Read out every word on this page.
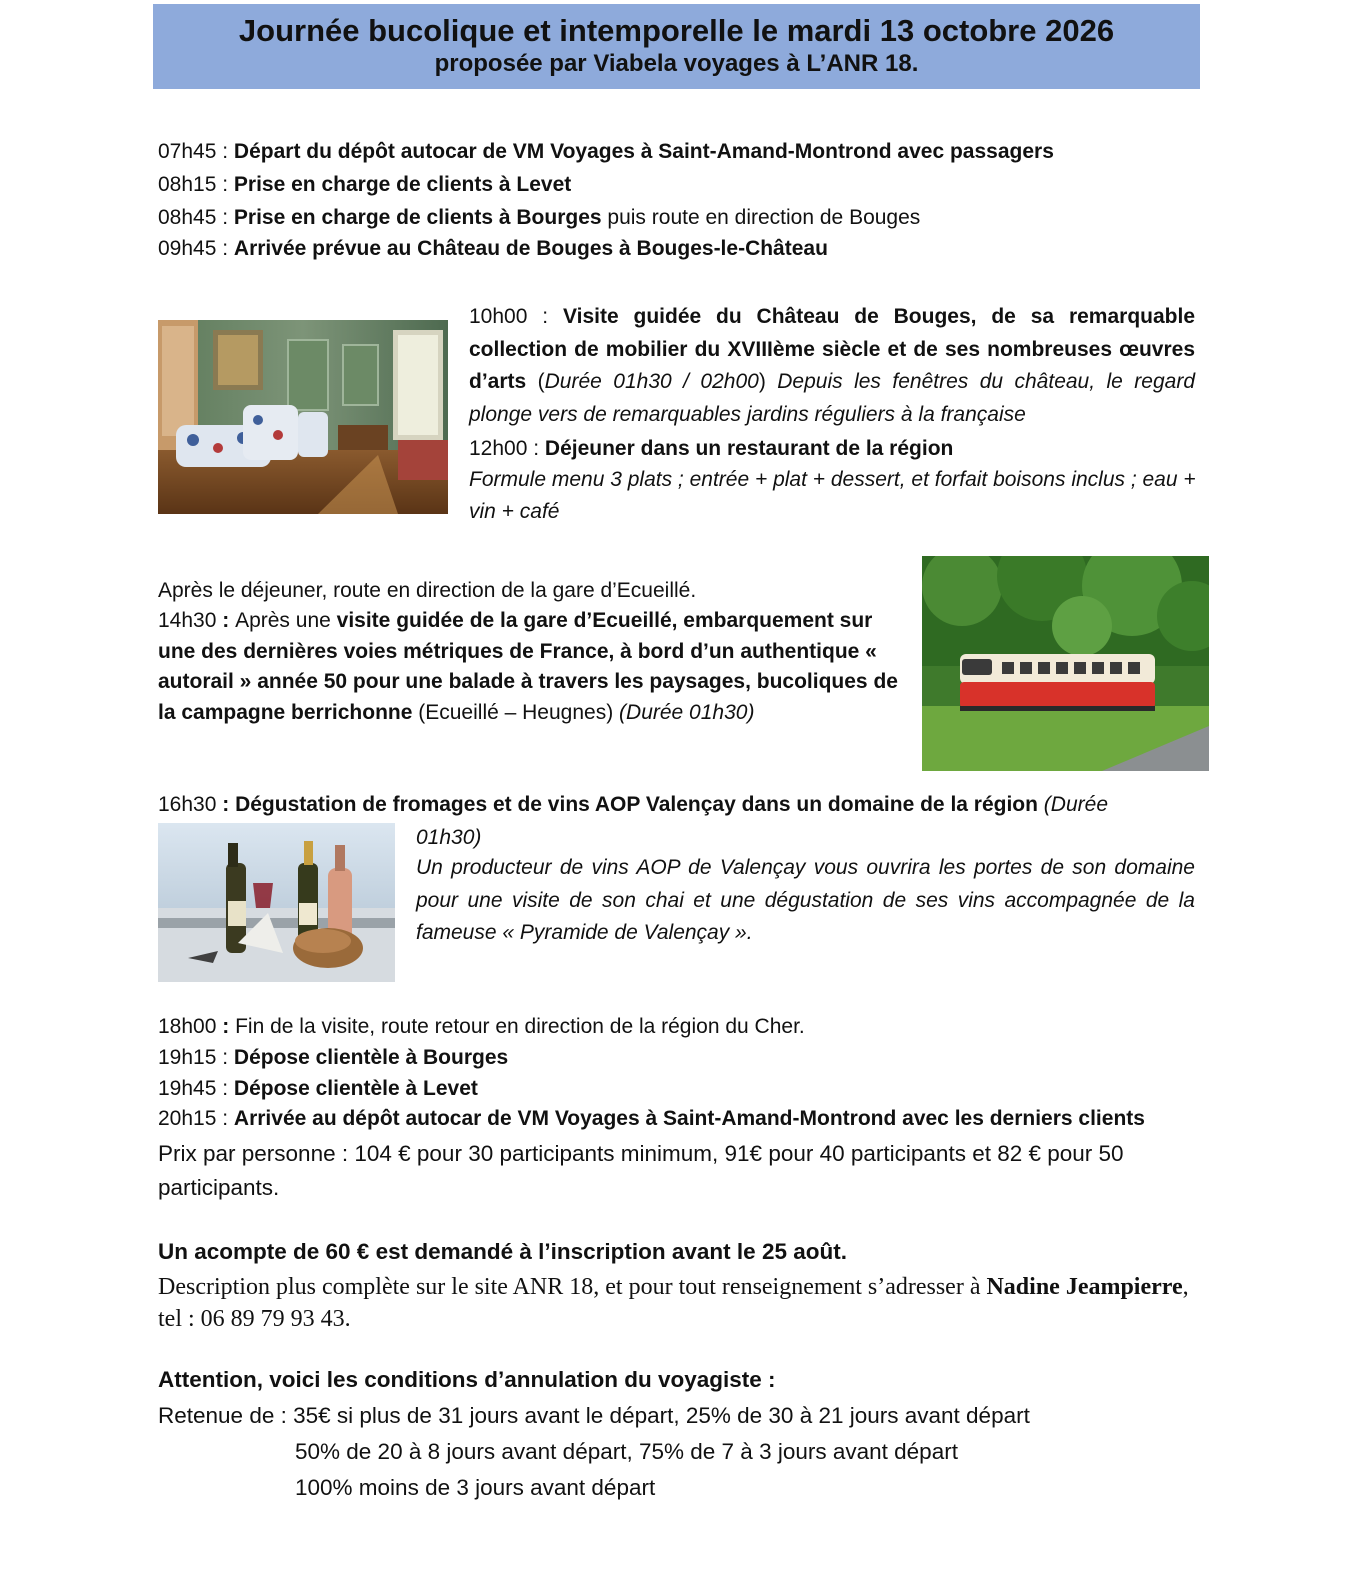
Journée bucolique et intemporelle le mardi 13 octobre 2026
proposée par Viabela voyages à L’ANR 18.
07h45 : Départ du dépôt autocar de VM Voyages à Saint-Amand-Montrond avec passagers
08h15 : Prise en charge de clients à Levet
08h45 : Prise en charge de clients à Bourges puis route en direction de Bouges
09h45 : Arrivée prévue au Château de Bouges à Bouges-le-Château
10h00 : Visite guidée du Château de Bouges, de sa remarquable collection de mobilier du XVIIIème siècle et de ses nombreuses œuvres d’arts (Durée 01h30 / 02h00) Depuis les fenêtres du château, le regard plonge vers de remarquables jardins réguliers à la française
12h00 : Déjeuner dans un restaurant de la région
Formule menu 3 plats ; entrée + plat + dessert, et forfait boisons inclus ; eau + vin + café
Après le déjeuner, route en direction de la gare d’Ecueillé.
14h30 : Après une visite guidée de la gare d’Ecueillé, embarquement sur une des dernières voies métriques de France, à bord d’un authentique « autorail » année 50 pour une balade à travers les paysages, bucoliques de la campagne berrichonne (Ecueillé – Heugnes) (Durée 01h30)
16h30 : Dégustation de fromages et de vins AOP Valençay dans un domaine de la région (Durée
01h30)
Un producteur de vins AOP de Valençay vous ouvrira les portes de son domaine pour une visite de son chai et une dégustation de ses vins accompagnée de la fameuse « Pyramide de Valençay ».
18h00 : Fin de la visite, route retour en direction de la région du Cher.
19h15 : Dépose clientèle à Bourges
19h45 : Dépose clientèle à Levet
20h15 : Arrivée au dépôt autocar de VM Voyages à Saint-Amand-Montrond avec les derniers clients
Prix par personne : 104 € pour 30 participants minimum, 91€ pour 40 participants et 82 € pour 50 participants.
Un acompte de 60 € est demandé à l’inscription avant le 25 août.
Description plus complète sur le site ANR 18, et pour tout renseignement s’adresser à Nadine Jeampierre, tel : 06 89 79 93 43.
Attention, voici les conditions d’annulation du voyagiste :
Retenue de : 35€ si plus de 31 jours avant le départ, 25% de 30 à 21 jours avant départ
50% de 20 à 8 jours avant départ, 75% de 7 à 3 jours avant départ
100% moins de 3 jours avant départ
